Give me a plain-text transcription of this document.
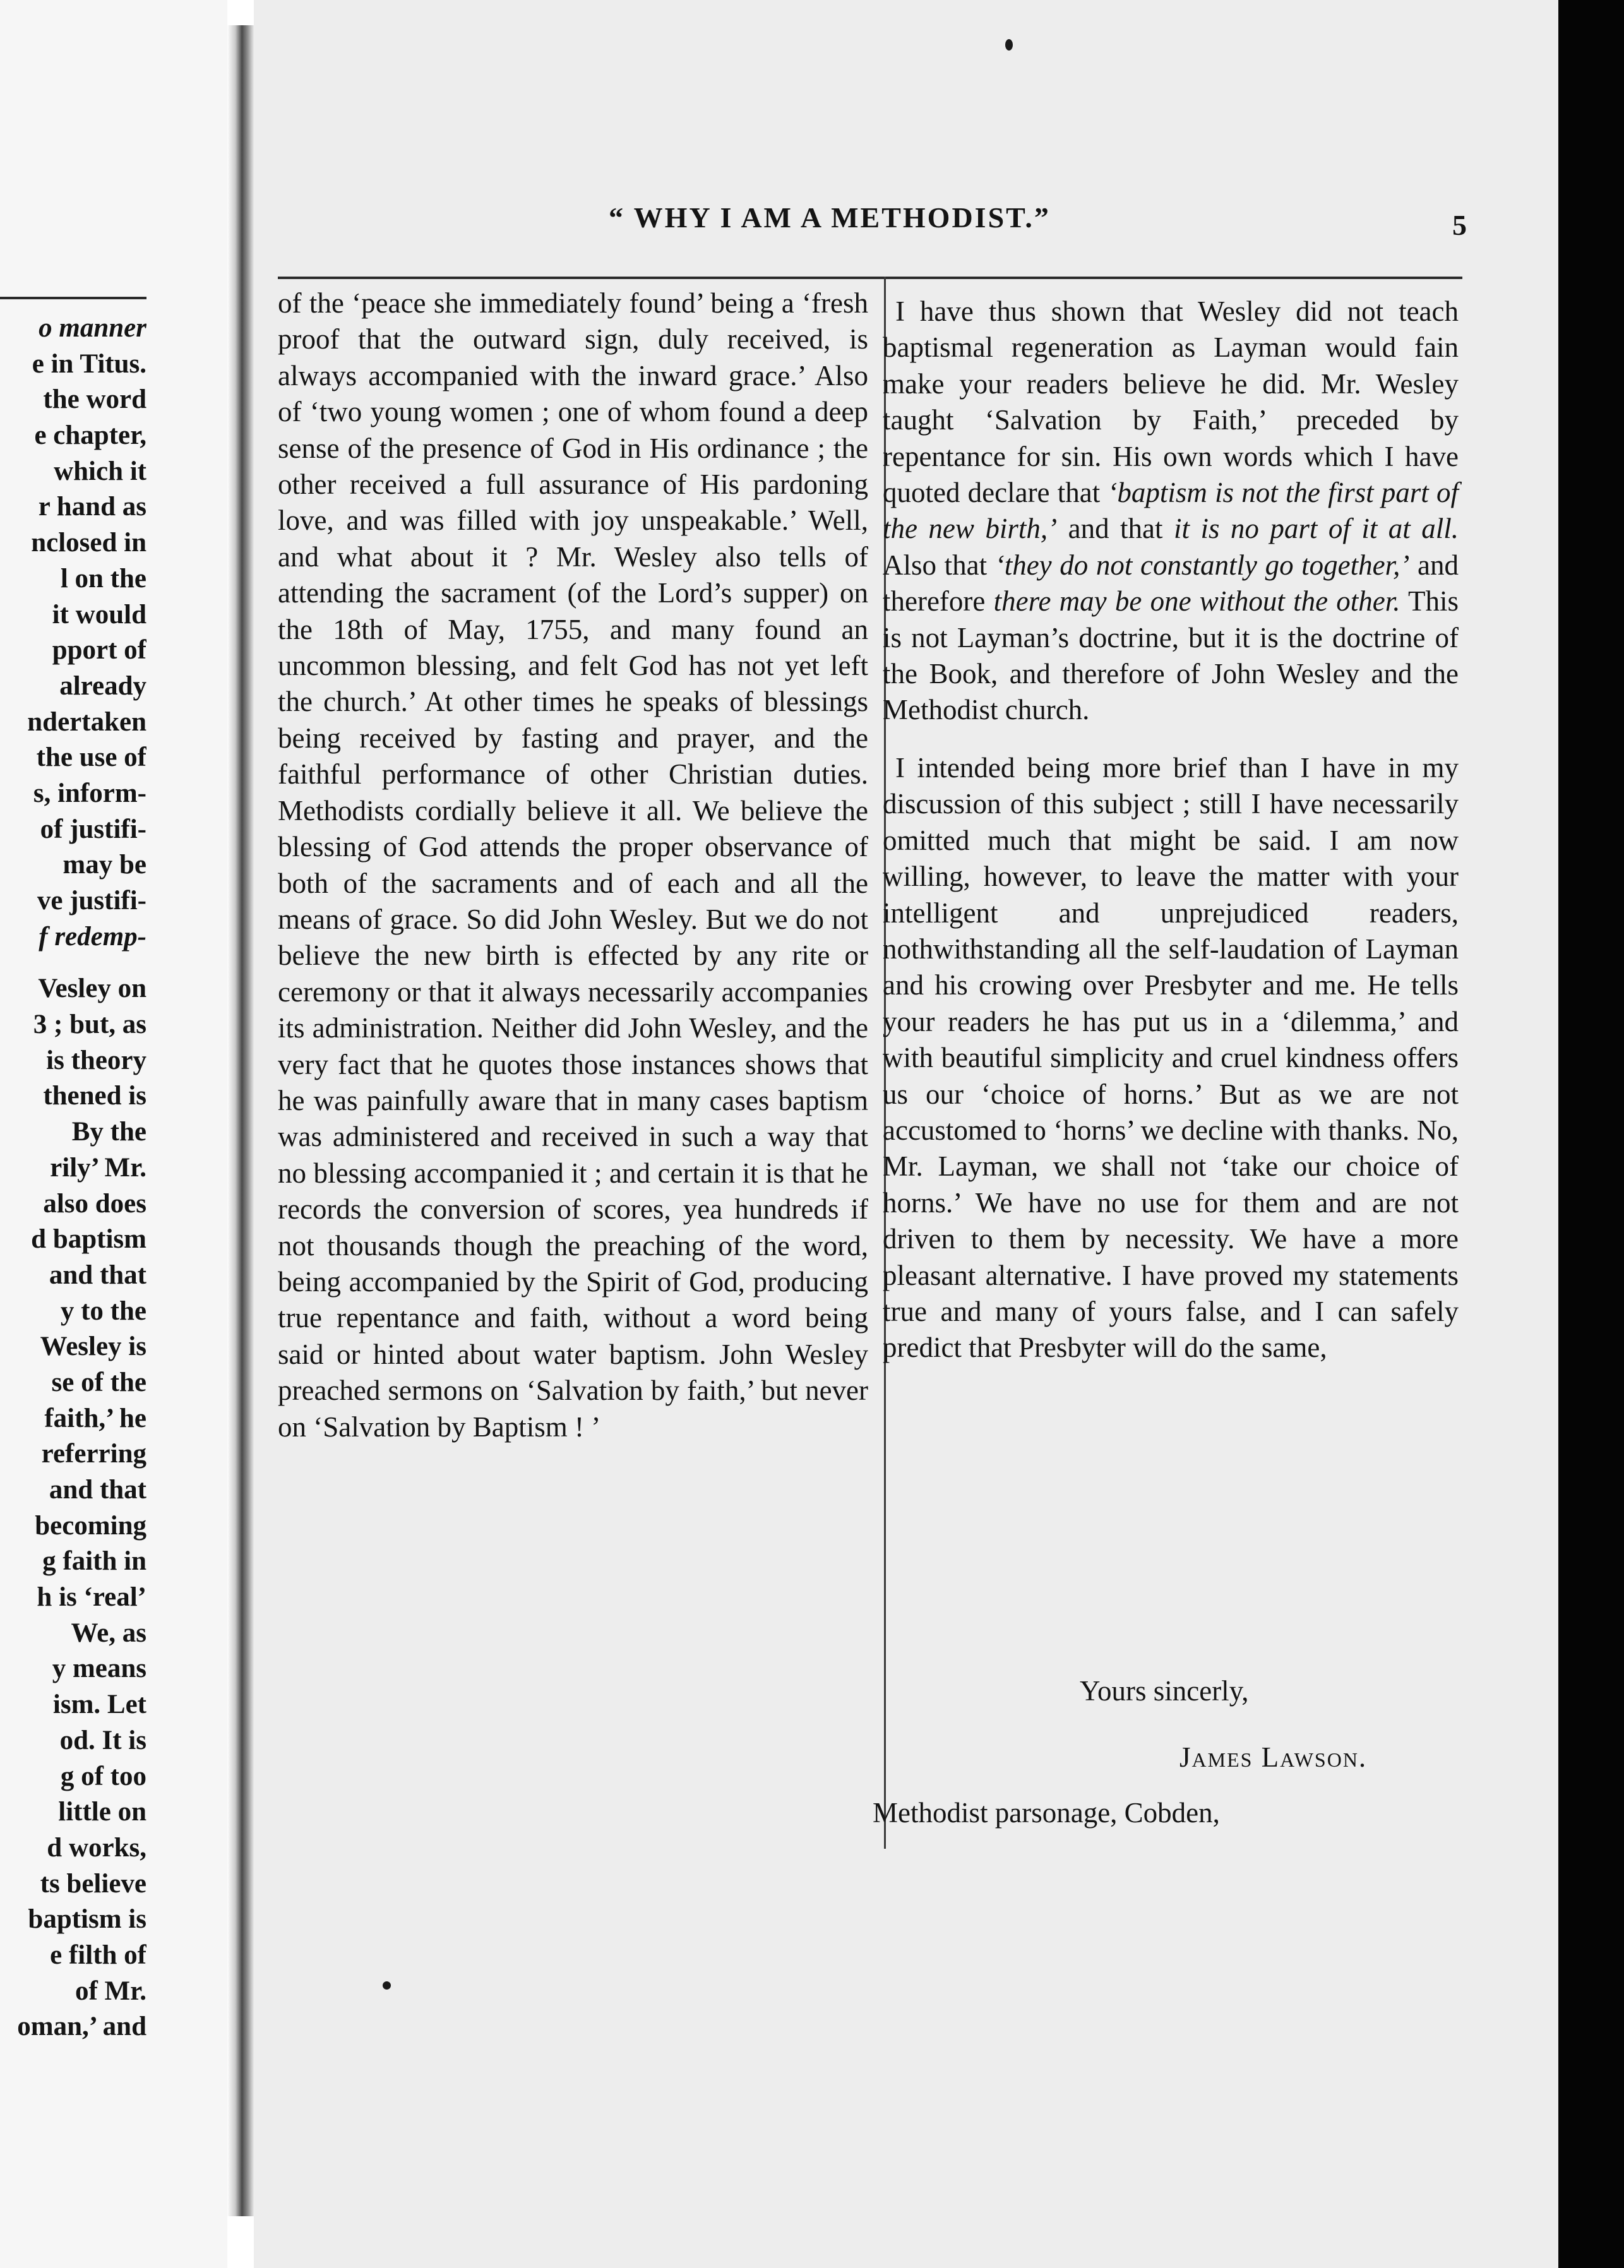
o manner
e in Titus.
the word
e chapter,
which it
r hand as
nclosed in
l on the
it would
pport of
already
ndertaken
the use of
s, inform-
of justifi-
may be
ve justifi-
f redemp-
Vesley on
3 ; but, as
is theory
thened is
By the
rily’ Mr.
also does
d baptism
and that
y to the
Wesley is
se of the
faith,’ he
referring
and that
becoming
g faith in
h is ‘real’
We, as
y means
ism. Let
od. It is
g of too
little on
d works,
ts believe
baptism is
e filth of
of Mr.
oman,’ and
“ WHY I AM A METHODIST.”	5

of the ‘peace she immediately found’ being a ‘fresh proof that the outward sign, duly received, is always accompanied with the inward grace.’ Also of ‘two young women ; one of whom found a deep sense of the presence of God in His ordinance ; the other received a full assurance of His pardoning love, and was filled with joy unspeakable.’ Well, and what about it ? Mr. Wesley also tells of attending the sacrament (of the Lord’s supper) on the 18th of May, 1755, and many found an uncommon blessing, and felt God has not yet left the church.’ At other times he speaks of blessings being received by fasting and prayer, and the faithful performance of other Christian duties. Methodists cordially believe it all. We believe the blessing of God attends the proper observance of both of the sacraments and of each and all the means of grace. So did John Wesley. But we do not believe the new birth is effected by any rite or ceremony or that it always necessarily accompanies its administration. Neither did John Wesley, and the very fact that he quotes those instances shows that he was painfully aware that in many cases baptism was administered and received in such a way that no blessing accompanied it ; and certain it is that he records the conversion of scores, yea hundreds if not thousands though the preaching of the word, being accompanied by the Spirit of God, producing true repentance and faith, without a word being said or hinted about water baptism. John Wesley preached sermons on ‘Salvation by faith,’ but never on ‘Salvation by Baptism ! ’

I have thus shown that Wesley did not teach baptismal regeneration as Layman would fain make your readers believe he did. Mr. Wesley taught ‘Salvation by Faith,’ preceded by repentance for sin. His own words which I have quoted declare that ‘baptism is not the first part of the new birth,’ and that it is no part of it at all. Also that ‘they do not constantly go together,’ and therefore there may be one without the other. This is not Layman’s doctrine, but it is the doctrine of the Book, and therefore of John Wesley and the Methodist church.

I intended being more brief than I have in my discussion of this subject ; still I have necessarily omitted much that might be said. I am now willing, however, to leave the matter with your intelligent and unprejudiced readers, nothwithstanding all the self-laudation of Layman and his crowing over Presbyter and me. He tells your readers he has put us in a ‘dilemma,’ and with beautiful simplicity and cruel kindness offers us our ‘choice of horns.’ But as we are not accustomed to ‘horns’ we decline with thanks. No, Mr. Layman, we shall not ‘take our choice of horns.’ We have no use for them and are not driven to them by necessity. We have a more pleasant alternative. I have proved my statements true and many of yours false, and I can safely predict that Presbyter will do the same,

Yours sincerly,
James Lawson.
Methodist parsonage, Cobden,
